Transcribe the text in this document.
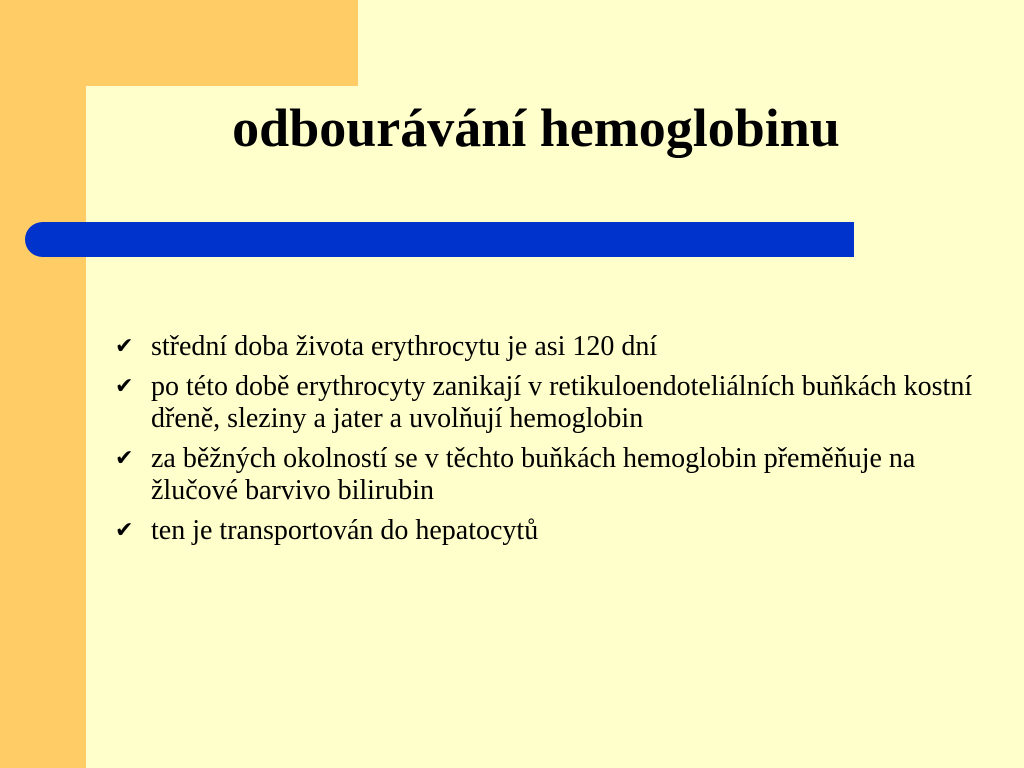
odbourávání hemoglobinu
✔ střední doba života erythrocytu je asi 120 dní
✔ po této době erythrocyty zanikají v retikuloendoteliálních buňkách kostní dřeně, sleziny a jater a uvolňují hemoglobin
✔ za běžných okolností se v těchto buňkách hemoglobin přeměňuje na žlučové barvivo bilirubin
✔ ten je transportován do hepatocytů
